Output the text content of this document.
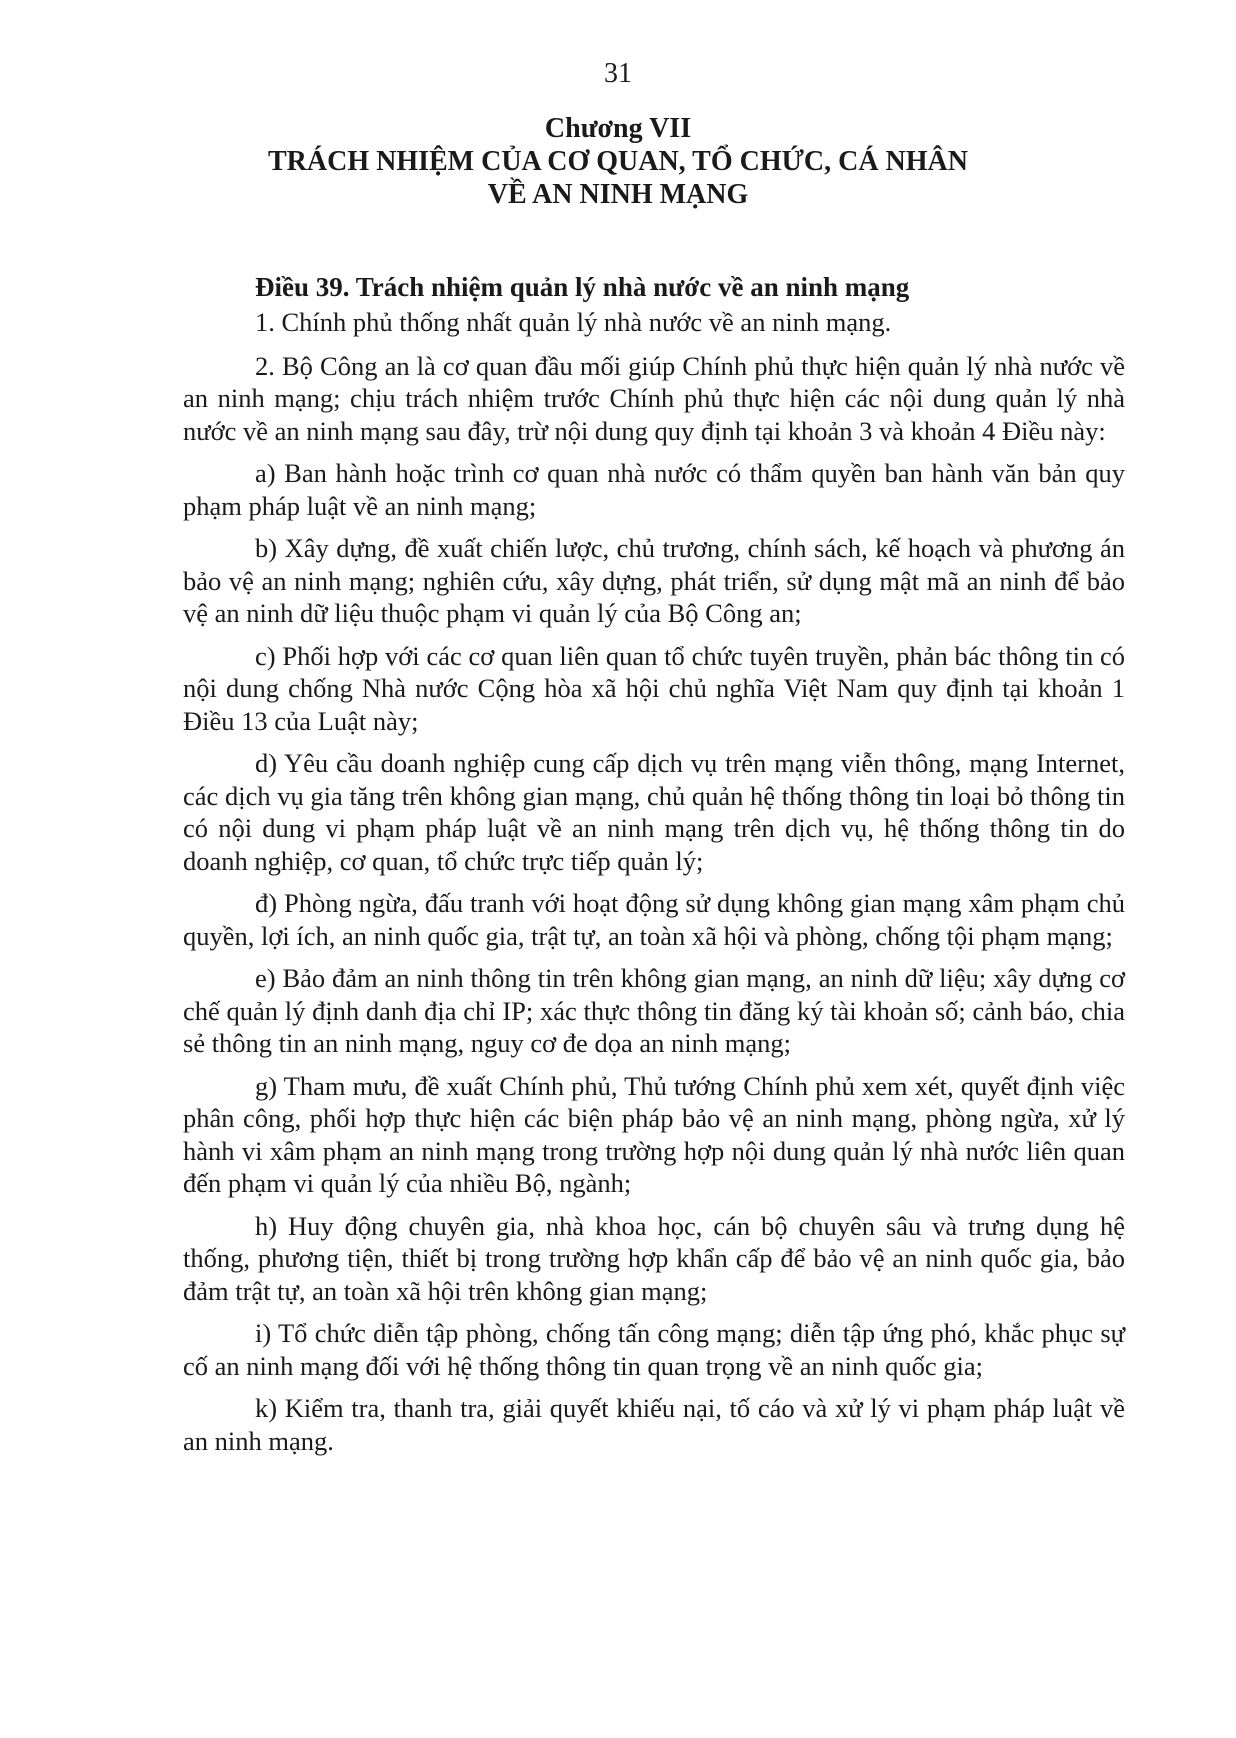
31
Chương VII
TRÁCH NHIỆM CỦA CƠ QUAN, TỔ CHỨC, CÁ NHÂN
VỀ AN NINH MẠNG
Điều 39. Trách nhiệm quản lý nhà nước về an ninh mạng

1. Chính phủ thống nhất quản lý nhà nước về an ninh mạng.

2. Bộ Công an là cơ quan đầu mối giúp Chính phủ thực hiện quản lý nhà nước về an ninh mạng; chịu trách nhiệm trước Chính phủ thực hiện các nội dung quản lý nhà nước về an ninh mạng sau đây, trừ nội dung quy định tại khoản 3 và khoản 4 Điều này:

a) Ban hành hoặc trình cơ quan nhà nước có thẩm quyền ban hành văn bản quy phạm pháp luật về an ninh mạng;

b) Xây dựng, đề xuất chiến lược, chủ trương, chính sách, kế hoạch và phương án bảo vệ an ninh mạng; nghiên cứu, xây dựng, phát triển, sử dụng mật mã an ninh để bảo vệ an ninh dữ liệu thuộc phạm vi quản lý của Bộ Công an;

c) Phối hợp với các cơ quan liên quan tổ chức tuyên truyền, phản bác thông tin có nội dung chống Nhà nước Cộng hòa xã hội chủ nghĩa Việt Nam quy định tại khoản 1 Điều 13 của Luật này;

d) Yêu cầu doanh nghiệp cung cấp dịch vụ trên mạng viễn thông, mạng Internet, các dịch vụ gia tăng trên không gian mạng, chủ quản hệ thống thông tin loại bỏ thông tin có nội dung vi phạm pháp luật về an ninh mạng trên dịch vụ, hệ thống thông tin do doanh nghiệp, cơ quan, tổ chức trực tiếp quản lý;

đ) Phòng ngừa, đấu tranh với hoạt động sử dụng không gian mạng xâm phạm chủ quyền, lợi ích, an ninh quốc gia, trật tự, an toàn xã hội và phòng, chống tội phạm mạng;

e) Bảo đảm an ninh thông tin trên không gian mạng, an ninh dữ liệu; xây dựng cơ chế quản lý định danh địa chỉ IP; xác thực thông tin đăng ký tài khoản số; cảnh báo, chia sẻ thông tin an ninh mạng, nguy cơ đe dọa an ninh mạng;

g) Tham mưu, đề xuất Chính phủ, Thủ tướng Chính phủ xem xét, quyết định việc phân công, phối hợp thực hiện các biện pháp bảo vệ an ninh mạng, phòng ngừa, xử lý hành vi xâm phạm an ninh mạng trong trường hợp nội dung quản lý nhà nước liên quan đến phạm vi quản lý của nhiều Bộ, ngành;

h) Huy động chuyên gia, nhà khoa học, cán bộ chuyên sâu và trưng dụng hệ thống, phương tiện, thiết bị trong trường hợp khẩn cấp để bảo vệ an ninh quốc gia, bảo đảm trật tự, an toàn xã hội trên không gian mạng;

i) Tổ chức diễn tập phòng, chống tấn công mạng; diễn tập ứng phó, khắc phục sự cố an ninh mạng đối với hệ thống thông tin quan trọng về an ninh quốc gia;

k) Kiểm tra, thanh tra, giải quyết khiếu nại, tố cáo và xử lý vi phạm pháp luật về an ninh mạng.
